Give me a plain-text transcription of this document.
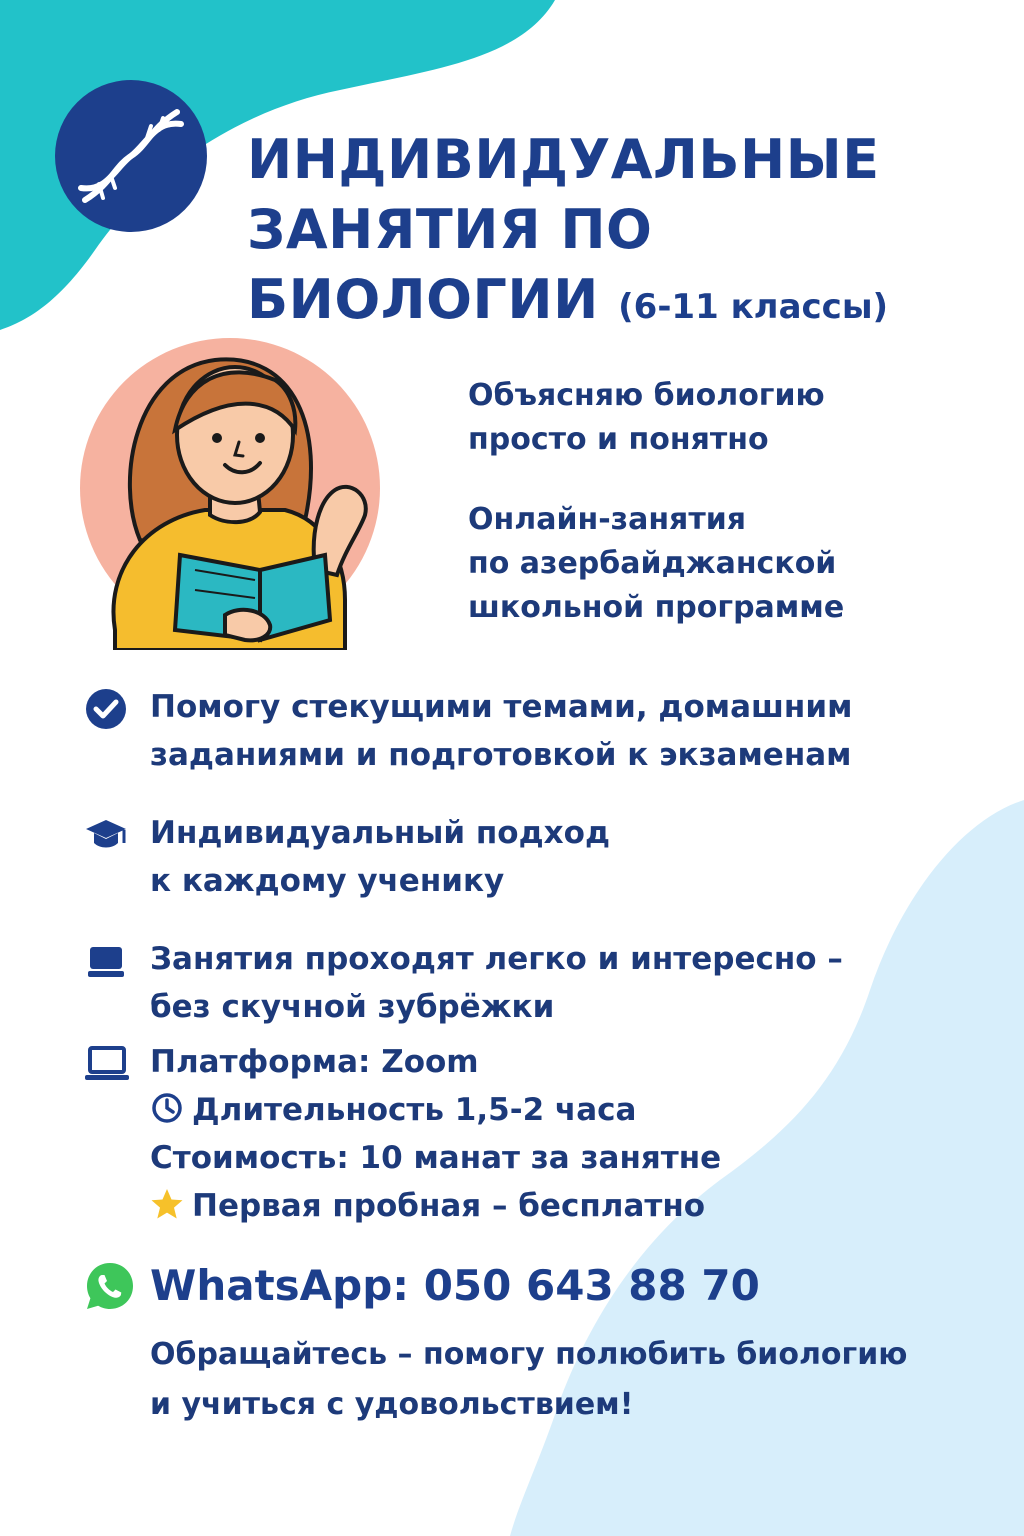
ИНДИВИДУАЛЬНЫЕ
ЗАНЯТИЯ ПО
БИОЛОГИИ (6-11 классы)

Объясняю биологию
просто и понятно

Онлайн-занятия
по азербайджанской
школьной программе

Помогу стекущими темами, домашним
заданиями и подготовкой к экзаменам
Индивидуальный подход
к каждому ученику
Занятия проходят легко и интересно –
без скучной зубрёжки
Платформа: Zoom
Длительность 1,5-2 часа
Стоимость: 10 манат за занятне
Первая пробная – бесплатно
WhatsApp: 050 643 88 70
Обращайтесь – помогу полюбить биологию
и учиться с удовольствием!
